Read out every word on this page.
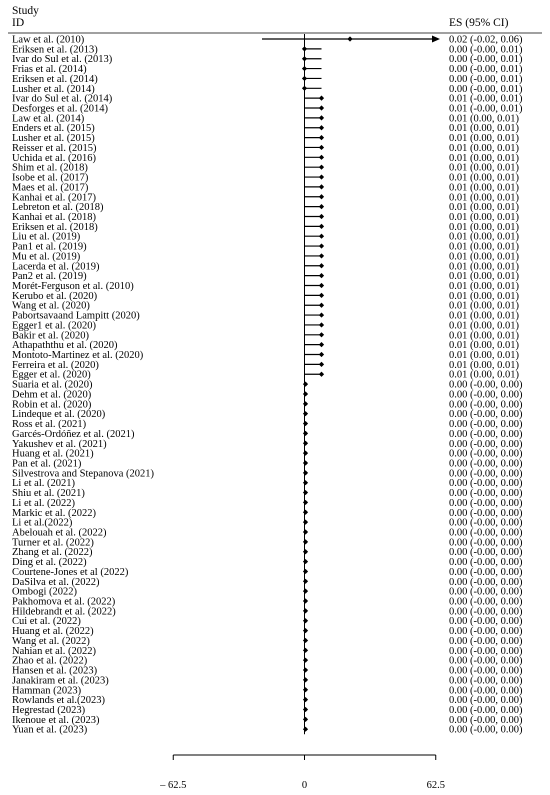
Study
ID	ES (95% CI)
Law et al. (2010)	0.02 (-0.02, 0.06)
Eriksen et al. (2013)	0.00 (-0.00, 0.01)
Ivar do Sul et al. (2013)	0.00 (-0.00, 0.01)
Frias et al. (2014)	0.00 (-0.00, 0.01)
Eriksen et al. (2014)	0.00 (-0.00, 0.01)
Lusher et al. (2014)	0.00 (-0.00, 0.01)
Ivar do Sul et al. (2014)	0.01 (-0.00, 0.01)
Desforges et al. (2014)	0.01 (-0.00, 0.01)
Law et al. (2014)	0.01 (0.00, 0.01)
Enders et al. (2015)	0.01 (0.00, 0.01)
Lusher et al. (2015)	0.01 (0.00, 0.01)
Reisser et al. (2015)	0.01 (0.00, 0.01)
Uchida et al. (2016)	0.01 (0.00, 0.01)
Shim et al. (2018)	0.01 (0.00, 0.01)
Isobe et al. (2017)	0.01 (0.00, 0.01)
Maes et al. (2017)	0.01 (0.00, 0.01)
Kanhai et al. (2017)	0.01 (0.00, 0.01)
Lebreton et al. (2018)	0.01 (0.00, 0.01)
Kanhai et al. (2018)	0.01 (0.00, 0.01)
Eriksen et al. (2018)	0.01 (0.00, 0.01)
Liu et al. (2019)	0.01 (0.00, 0.01)
Pan1 et al. (2019)	0.01 (0.00, 0.01)
Mu et al. (2019)	0.01 (0.00, 0.01)
Lacerda et al. (2019)	0.01 (0.00, 0.01)
Pan2 et al. (2019)	0.01 (0.00, 0.01)
Morét-Ferguson et al. (2010)	0.01 (0.00, 0.01)
Kerubo et al. (2020)	0.01 (0.00, 0.01)
Wang et al. (2020)	0.01 (0.00, 0.01)
Pabortsavaand Lampitt (2020)	0.01 (0.00, 0.01)
Egger1 et al. (2020)	0.01 (0.00, 0.01)
Bakir et al. (2020)	0.01 (0.00, 0.01)
Athapaththu et al. (2020)	0.01 (0.00, 0.01)
Montoto-Martinez et al. (2020)	0.01 (0.00, 0.01)
Ferreira et al. (2020)	0.01 (0.00, 0.01)
Egger et al. (2020)	0.01 (0.00, 0.01)
Suaria et al. (2020)	0.00 (-0.00, 0.00)
Dehm et al. (2020)	0.00 (-0.00, 0.00)
Robin et al. (2020)	0.00 (-0.00, 0.00)
Lindeque et al. (2020)	0.00 (-0.00, 0.00)
Ross et al. (2021)	0.00 (-0.00, 0.00)
Garcés-Ordóñez et al. (2021)	0.00 (-0.00, 0.00)
Yakushev et al. (2021)	0.00 (-0.00, 0.00)
Huang et al. (2021)	0.00 (-0.00, 0.00)
Pan et al. (2021)	0.00 (-0.00, 0.00)
Silvestrova and Stepanova (2021)	0.00 (-0.00, 0.00)
Li et al. (2021)	0.00 (-0.00, 0.00)
Shiu et al. (2021)	0.00 (-0.00, 0.00)
Li et al. (2022)	0.00 (-0.00, 0.00)
Markic et al. (2022)	0.00 (-0.00, 0.00)
Li et al.(2022)	0.00 (-0.00, 0.00)
Abelouah et al. (2022)	0.00 (-0.00, 0.00)
Turner et al. (2022)	0.00 (-0.00, 0.00)
Zhang et al. (2022)	0.00 (-0.00, 0.00)
Ding et al. (2022)	0.00 (-0.00, 0.00)
Courtene-Jones et al (2022)	0.00 (-0.00, 0.00)
DaSilva et al. (2022)	0.00 (-0.00, 0.00)
Ombogi (2022)	0.00 (-0.00, 0.00)
Pakhomova et al. (2022)	0.00 (-0.00, 0.00)
Hildebrandt et al. (2022)	0.00 (-0.00, 0.00)
Cui et al. (2022)	0.00 (-0.00, 0.00)
Huang et al. (2022)	0.00 (-0.00, 0.00)
Wang et al. (2022)	0.00 (-0.00, 0.00)
Nahian et al. (2022)	0.00 (-0.00, 0.00)
Zhao et al. (2022)	0.00 (-0.00, 0.00)
Hansen et al. (2023)	0.00 (-0.00, 0.00)
Janakiram et al. (2023)	0.00 (-0.00, 0.00)
Hamman (2023)	0.00 (-0.00, 0.00)
Rowlands et al.(2023)	0.00 (-0.00, 0.00)
Hegrestad (2023)	0.00 (-0.00, 0.00)
Ikenoue et al. (2023)	0.00 (-0.00, 0.00)
Yuan et al. (2023)	0.00 (-0.00, 0.00)
– 62.5	0	62.5
